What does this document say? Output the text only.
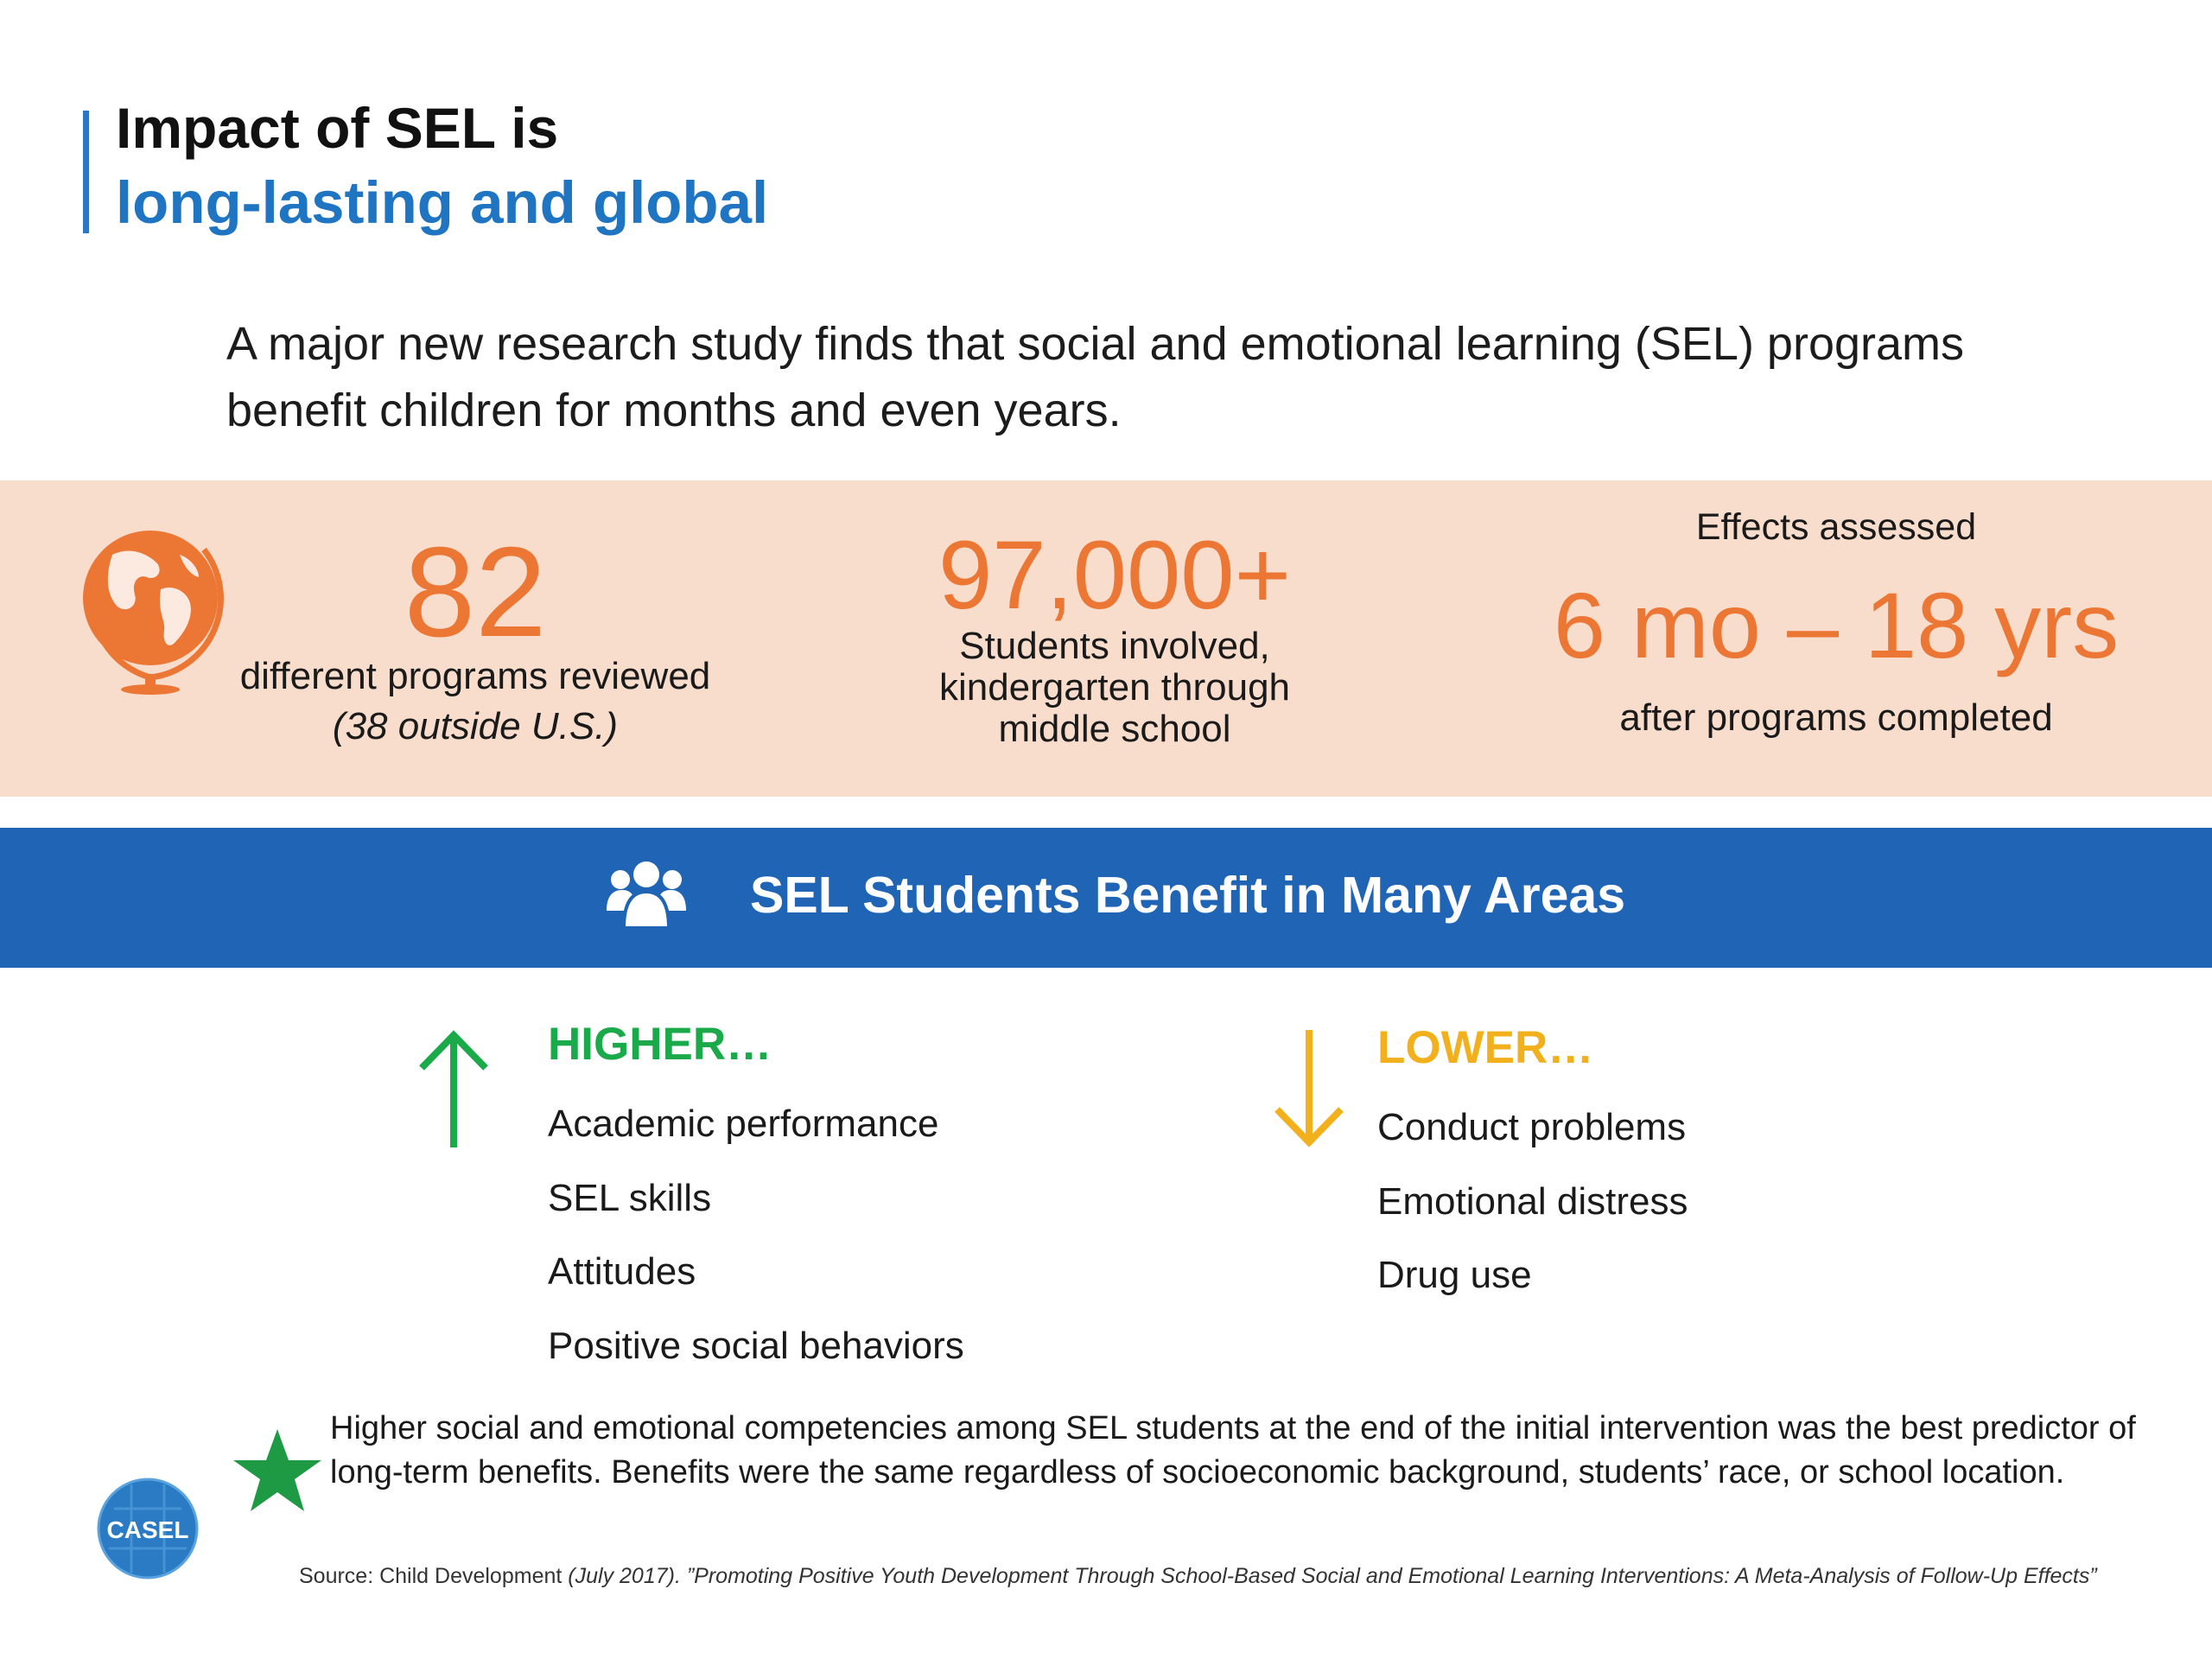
Impact of SEL is
long-lasting and global
A major new research study finds that social and emotional learning (SEL) programs benefit children for months and even years.
82
different programs reviewed
(38 outside U.S.)
97,000+
Students involved,
kindergarten through
middle school
Effects assessed
6 mo – 18 yrs
after programs completed
SEL Students Benefit in Many Areas
HIGHER…
Academic performance
SEL skills
Attitudes
Positive social behaviors
LOWER…
Conduct problems
Emotional distress
Drug use
Higher social and emotional competencies among SEL students at the end of the initial intervention was the best predictor of long-term benefits. Benefits were the same regardless of socioeconomic background, students’ race, or school location.
CASEL
Source: Child Development (July 2017). ”Promoting Positive Youth Development Through School-Based Social and Emotional Learning Interventions: A Meta-Analysis of Follow-Up Effects”
